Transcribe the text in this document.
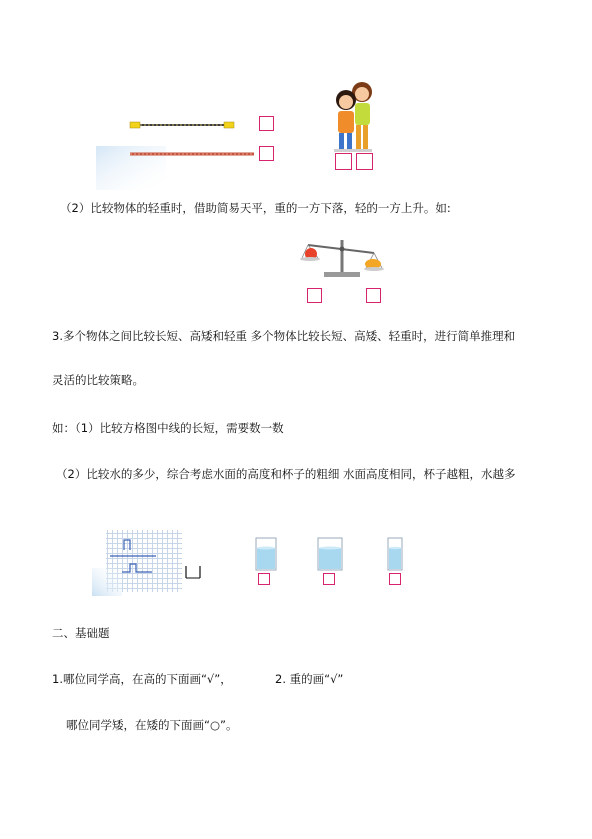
（2）比较物体的轻重时，借助简易天平，重的一方下落，轻的一方上升。如:
3.多个物体之间比较长短、高矮和轻重 多个物体比较长短、高矮、轻重时，进行简单推理和
灵活的比较策略。
如：（1）比较方格图中线的长短，需要数一数
（2）比较水的多少，综合考虑水面的高度和杯子的粗细 水面高度相同，杯子越粗，水越多
二、基础题
1.哪位同学高，在高的下面画“√”，	2. 重的画“√”
哪位同学矮，在矮的下面画“○”。
